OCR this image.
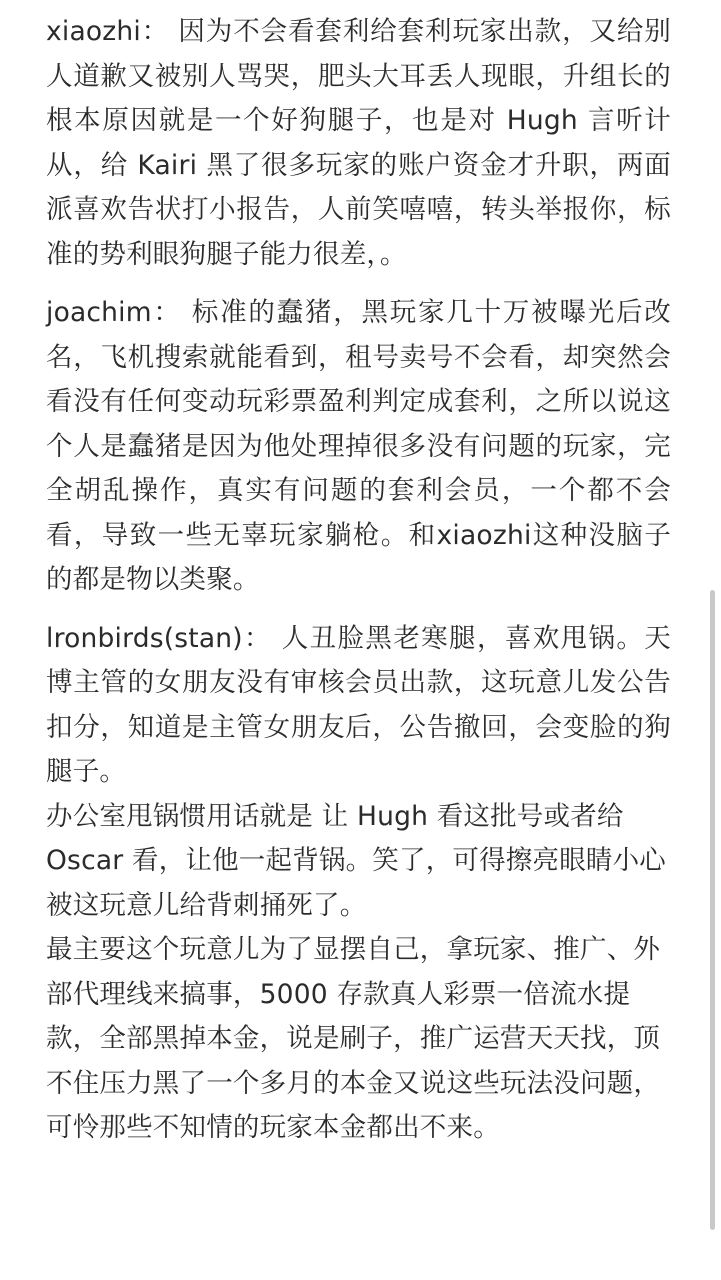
xiaozhi： 因为不会看套利给套利玩家出款，又给别人道歉又被别人骂哭，肥头大耳丢人现眼，升组长的根本原因就是一个好狗腿子，也是对 Hugh 言听计从，给 Kairi 黑了很多玩家的账户资金才升职，两面派喜欢告状打小报告，人前笑嘻嘻，转头举报你，标准的势利眼狗腿子能力很差，。

joachim： 标准的蠢猪，黑玩家几十万被曝光后改名，飞机搜索就能看到，租号卖号不会看，却突然会看没有任何变动玩彩票盈利判定成套利，之所以说这个人是蠢猪是因为他处理掉很多没有问题的玩家，完全胡乱操作，真实有问题的套利会员，一个都不会看，导致一些无辜玩家躺枪。和xiaozhi这种没脑子的都是物以类聚。

lronbirds(stan)： 人丑脸黑老寒腿，喜欢甩锅。天博主管的女朋友没有审核会员出款，这玩意儿发公告扣分，知道是主管女朋友后，公告撤回，会变脸的狗腿子。

办公室甩锅惯用话就是 让 Hugh 看这批号或者给 Oscar 看，让他一起背锅。笑了，可得擦亮眼睛小心被这玩意儿给背刺捅死了。

最主要这个玩意儿为了显摆自己，拿玩家、推广、外部代理线来搞事，5000 存款真人彩票一倍流水提款，全部黑掉本金，说是刷子，推广运营天天找，顶不住压力黑了一个多月的本金又说这些玩法没问题，可怜那些不知情的玩家本金都出不来。
